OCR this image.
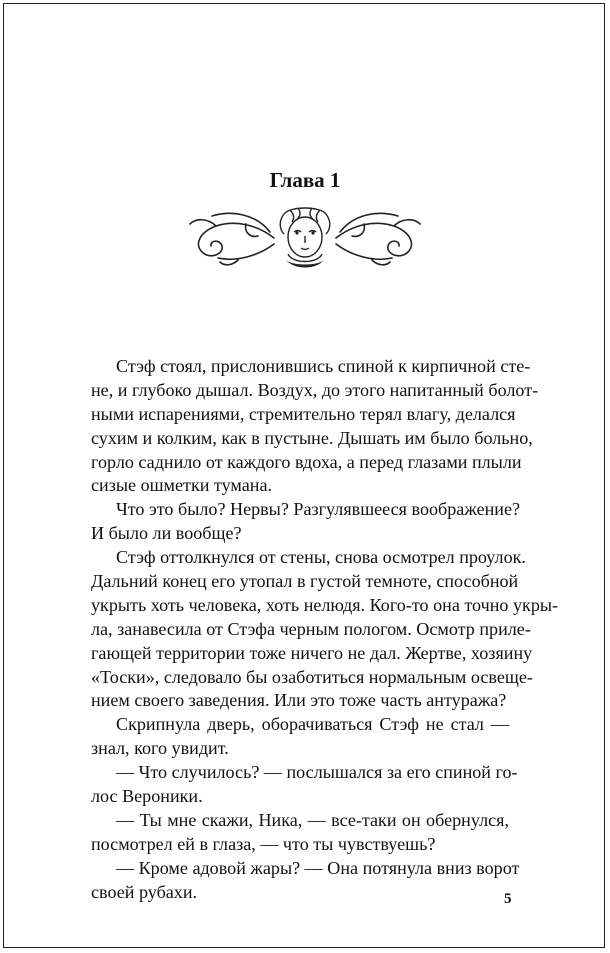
Глава 1
Стэф стоял, прислонившись спиной к кирпичной сте-
не, и глубоко дышал. Воздух, до этого напитанный болот-
ными испарениями, стремительно терял влагу, делался
сухим и колким, как в пустыне. Дышать им было больно,
горло саднило от каждого вдоха, а перед глазами плыли
сизые ошметки тумана.
Что это было? Нервы? Разгулявшееся воображение?
И было ли вообще?
Стэф оттолкнулся от стены, снова осмотрел проулок.
Дальний конец его утопал в густой темноте, способной
укрыть хоть человека, хоть нелюдя. Кого-то она точно укры-
ла, занавесила от Стэфа черным пологом. Осмотр приле-
гающей территории тоже ничего не дал. Жертве, хозяину
«Тоски», следовало бы озаботиться нормальным освеще-
нием своего заведения. Или это тоже часть антуража?
Скрипнула дверь, оборачиваться Стэф не стал —
знал, кого увидит.
— Что случилось? — послышался за его спиной го-
лос Вероники.
— Ты мне скажи, Ника, — все-таки он обернулся,
посмотрел ей в глаза, — что ты чувствуешь?
— Кроме адовой жары? — Она потянула вниз ворот
своей рубахи.	5
